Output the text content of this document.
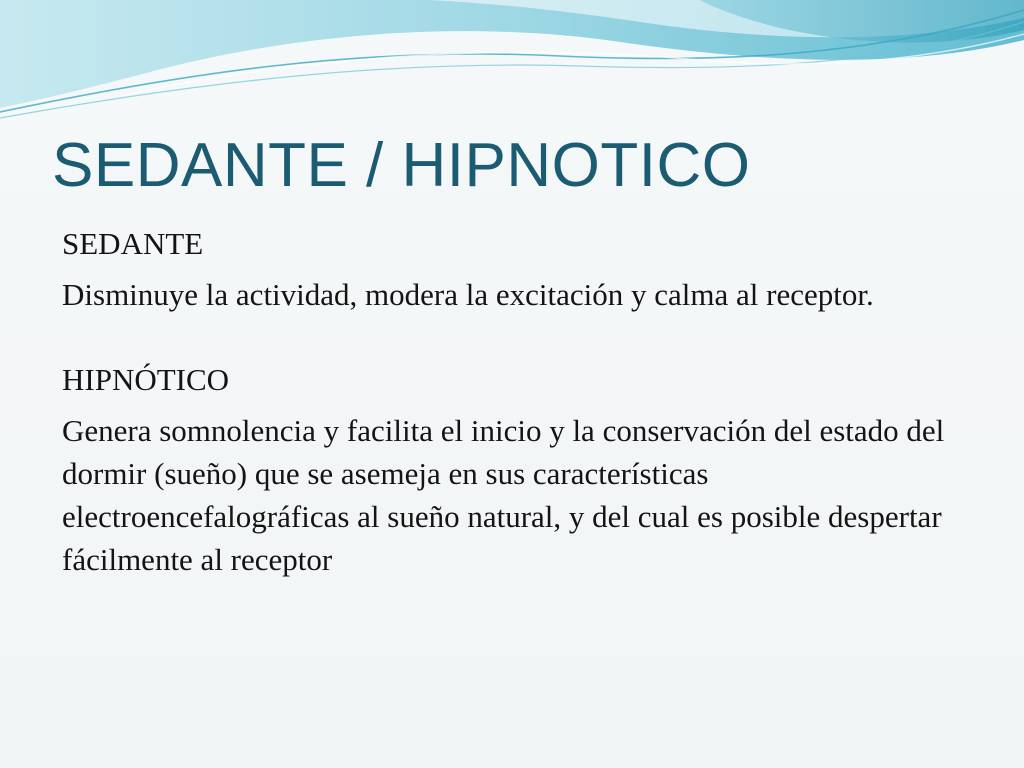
SEDANTE / HIPNOTICO

SEDANTE

Disminuye la actividad, modera la excitación y calma al receptor.

HIPNÓTICO

Genera somnolencia y facilita el inicio y la conservación del estado del dormir (sueño) que se asemeja en sus características electroencefalográficas al sueño natural, y del cual es posible despertar fácilmente al receptor
